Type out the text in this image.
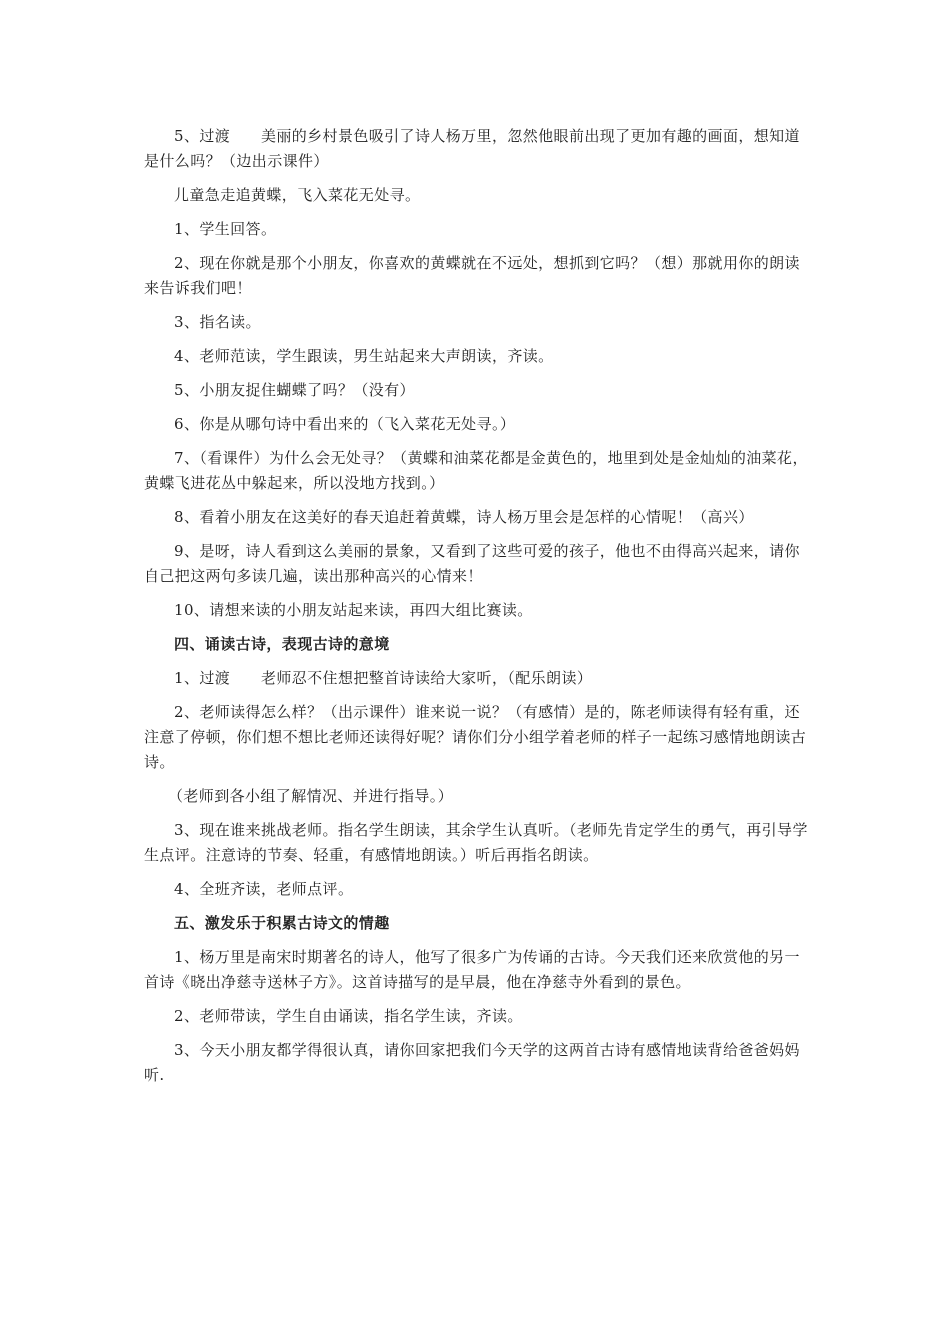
5、过渡　　美丽的乡村景色吸引了诗人杨万里，忽然他眼前出现了更加有趣的画面，想知道是什么吗？（边出示课件）

儿童急走追黄蝶，飞入菜花无处寻。

1、学生回答。

2、现在你就是那个小朋友，你喜欢的黄蝶就在不远处，想抓到它吗？（想）那就用你的朗读来告诉我们吧！

3、指名读。

4、老师范读，学生跟读，男生站起来大声朗读，齐读。

5、小朋友捉住蝴蝶了吗？（没有）

6、你是从哪句诗中看出来的（飞入菜花无处寻。）

7、（看课件）为什么会无处寻？（黄蝶和油菜花都是金黄色的，地里到处是金灿灿的油菜花，黄蝶飞进花丛中躲起来，所以没地方找到。）

8、看着小朋友在这美好的春天追赶着黄蝶，诗人杨万里会是怎样的心情呢！（高兴）

9、是呀，诗人看到这么美丽的景象，又看到了这些可爱的孩子，他也不由得高兴起来，请你自己把这两句多读几遍，读出那种高兴的心情来！

10、请想来读的小朋友站起来读，再四大组比赛读。

四、诵读古诗，表现古诗的意境

1、过渡　　老师忍不住想把整首诗读给大家听，（配乐朗读）

2、老师读得怎么样？（出示课件）谁来说一说？（有感情）是的，陈老师读得有轻有重，还注意了停顿，你们想不想比老师还读得好呢？请你们分小组学着老师的样子一起练习感情地朗读古诗。

（老师到各小组了解情况、并进行指导。）

3、现在谁来挑战老师。指名学生朗读，其余学生认真听。（老师先肯定学生的勇气，再引导学生点评。注意诗的节奏、轻重，有感情地朗读。）听后再指名朗读。

4、全班齐读，老师点评。

五、激发乐于积累古诗文的情趣

1、杨万里是南宋时期著名的诗人，他写了很多广为传诵的古诗。今天我们还来欣赏他的另一首诗《晓出净慈寺送林子方》。这首诗描写的是早晨，他在净慈寺外看到的景色。

2、老师带读，学生自由诵读，指名学生读，齐读。

3、今天小朋友都学得很认真，请你回家把我们今天学的这两首古诗有感情地读背给爸爸妈妈听.
